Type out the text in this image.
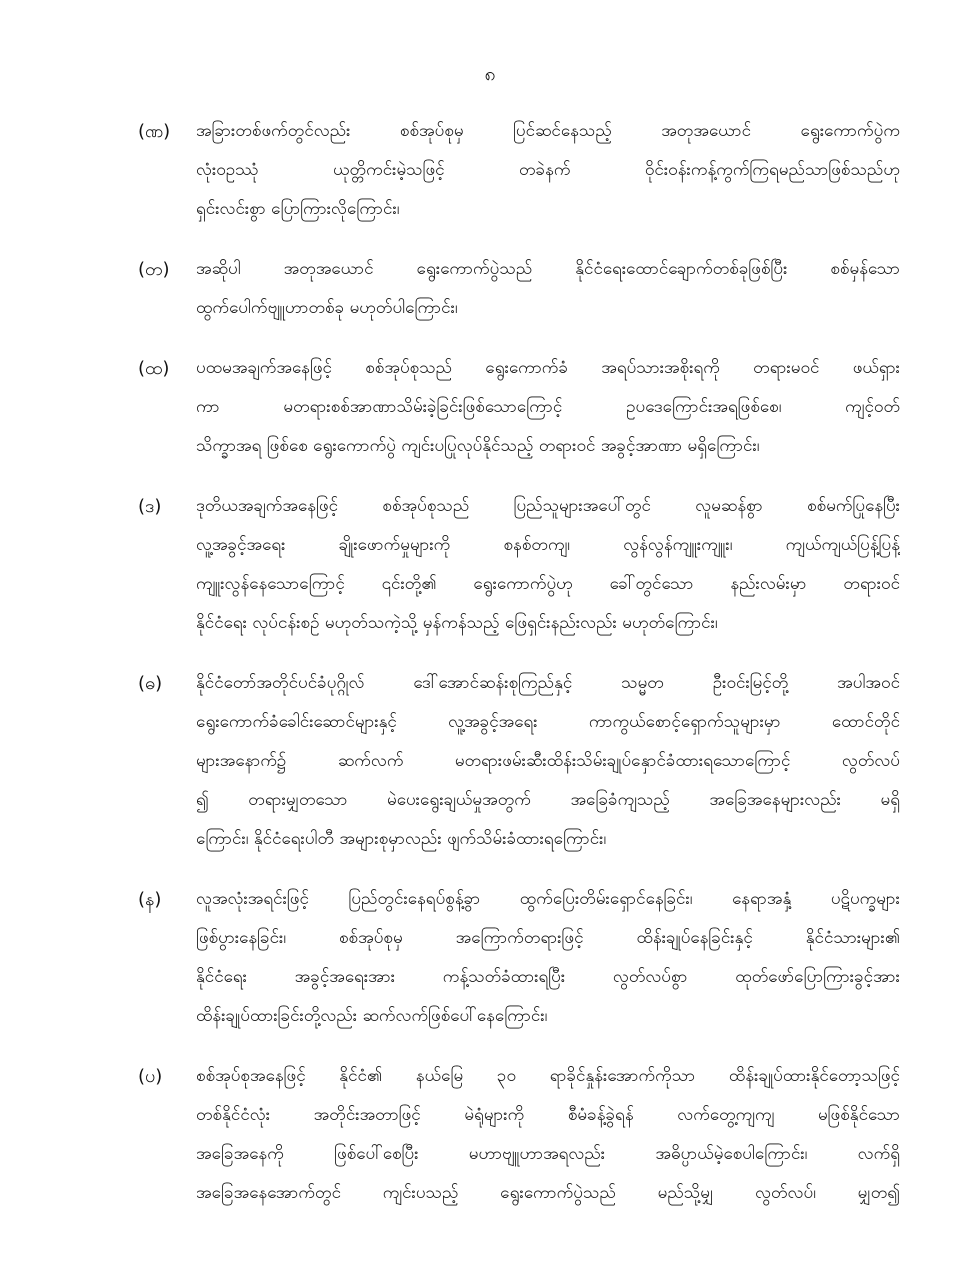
၈
(ဏ)	အခြားတစ်ဖက်တွင်လည်း စစ်အုပ်စုမှ ပြင်ဆင်နေသည့် အတုအယောင် ရွေးကောက်ပွဲက
လုံးဝဥဿုံ ယုတ္တိကင်းမဲ့သဖြင့် တခဲနက် ဝိုင်းဝန်းကန့်ကွက်ကြရမည်သာဖြစ်သည်ဟု
ရှင်းလင်းစွာ ပြောကြားလိုကြောင်း၊
(တ)	အဆိုပါ အတုအယောင် ရွေးကောက်ပွဲသည် နိုင်ငံရေးထောင်ချောက်တစ်ခုဖြစ်ပြီး စစ်မှန်သော
ထွက်ပေါက်ဗျူဟာတစ်ခု မဟုတ်ပါကြောင်း၊
(ထ)	ပထမအချက်အနေဖြင့် စစ်အုပ်စုသည် ရွေးကောက်ခံ အရပ်သားအစိုးရကို တရားမဝင် ဖယ်ရှား
ကာ မတရားစစ်အာဏာသိမ်းခဲ့ခြင်းဖြစ်သောကြောင့် ဥပဒေကြောင်းအရဖြစ်စေ၊ ကျင့်ဝတ်
သိက္ခာအရ ဖြစ်စေ ရွေးကောက်ပွဲ ကျင်းပပြုလုပ်နိုင်သည့် တရားဝင် အခွင့်အာဏာ မရှိကြောင်း၊
(ဒ)	ဒုတိယအချက်အနေဖြင့် စစ်အုပ်စုသည် ပြည်သူများအပေါ်တွင် လူမဆန်စွာ စစ်မက်ပြုနေပြီး
လူ့အခွင့်အရေး ချိုးဖောက်မှုများကို စနစ်တကျ၊ လွန်လွန်ကျူးကျူး၊ ကျယ်ကျယ်ပြန့်ပြန့်
ကျူးလွန်နေသောကြောင့် ၎င်းတို့၏ ရွေးကောက်ပွဲဟု ခေါ်တွင်သော နည်းလမ်းမှာ တရားဝင်
နိုင်ငံရေး လုပ်ငန်းစဉ် မဟုတ်သကဲ့သို့ မှန်ကန်သည့် ဖြေရှင်းနည်းလည်း မဟုတ်ကြောင်း၊
(ဓ)	နိုင်ငံတော်အတိုင်ပင်ခံပုဂ္ဂိုလ် ဒေါ်အောင်ဆန်းစုကြည်နှင့် သမ္မတ ဦးဝင်းမြင့်တို့ အပါအဝင်
ရွေးကောက်ခံခေါင်းဆောင်များနှင့် လူ့အခွင့်အရေး ကာကွယ်စောင့်ရှောက်သူများမှာ ထောင်တိုင်
များအနောက်၌ ဆက်လက် မတရားဖမ်းဆီးထိန်းသိမ်းချုပ်နှောင်ခံထားရသောကြောင့် လွတ်လပ်
၍ တရားမျှတသော မဲပေးရွေးချယ်မှုအတွက် အခြေခံကျသည့် အခြေအနေများလည်း မရှိ
ကြောင်း၊ နိုင်ငံရေးပါတီ အများစုမှာလည်း ဖျက်သိမ်းခံထားရကြောင်း၊
(န)	လူအလုံးအရင်းဖြင့် ပြည်တွင်းနေရပ်စွန့်ခွာ ထွက်ပြေးတိမ်းရှောင်နေခြင်း၊ နေရာအနှံ့ ပဋိပက္ခများ
ဖြစ်ပွားနေခြင်း၊ စစ်အုပ်စုမှ အကြောက်တရားဖြင့် ထိန်းချုပ်နေခြင်းနှင့် နိုင်ငံသားများ၏
နိုင်ငံရေး အခွင့်အရေးအား ကန့်သတ်ခံထားရပြီး လွတ်လပ်စွာ ထုတ်ဖော်ပြောကြားခွင့်အား
ထိန်းချုပ်ထားခြင်းတို့လည်း ဆက်လက်ဖြစ်ပေါ်နေကြောင်း၊
(ပ)	စစ်အုပ်စုအနေဖြင့် နိုင်ငံ၏ နယ်မြေ ၃၀ ရာခိုင်နှုန်းအောက်ကိုသာ ထိန်းချုပ်ထားနိုင်တော့သဖြင့်
တစ်နိုင်ငံလုံး အတိုင်းအတာဖြင့် မဲရုံများကို စီမံခန့်ခွဲရန် လက်တွေ့ကျကျ မဖြစ်နိုင်သော
အခြေအနေကို ဖြစ်ပေါ်စေပြီး မဟာဗျူဟာအရလည်း အဓိပ္ပာယ်မဲ့စေပါကြောင်း၊ လက်ရှိ
အခြေအနေအောက်တွင် ကျင်းပသည့် ရွေးကောက်ပွဲသည် မည်သို့မျှ လွတ်လပ်၊ မျှတ၍
